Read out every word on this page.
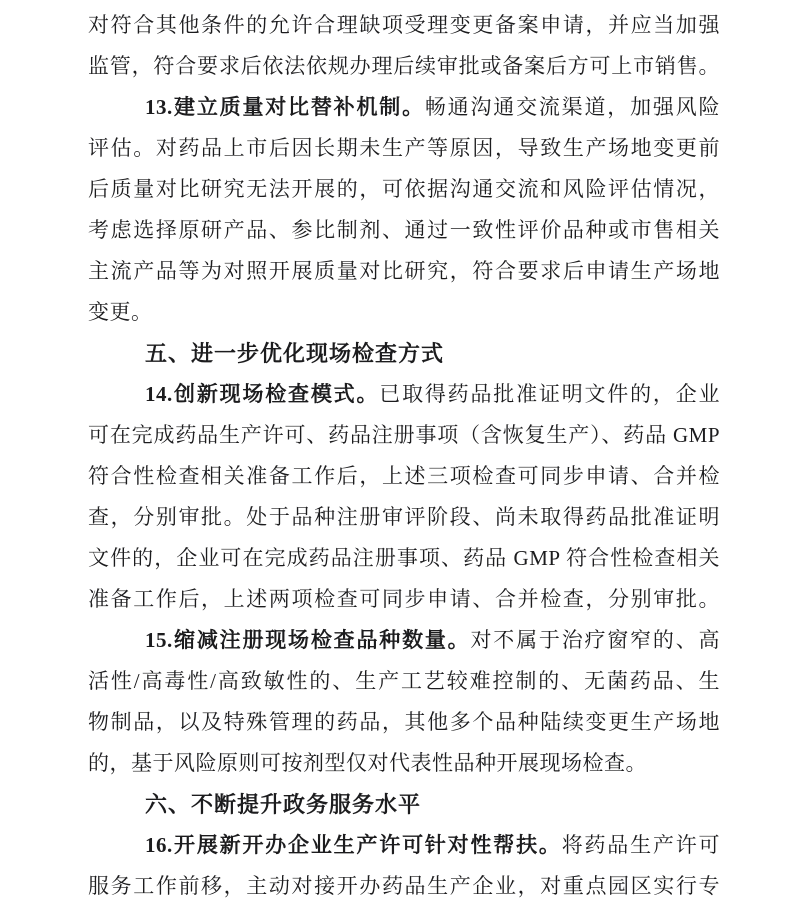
对符合其他条件的允许合理缺项受理变更备案申请，并应当加强
监管，符合要求后依法依规办理后续审批或备案后方可上市销售。
13.建立质量对比替补机制。畅通沟通交流渠道，加强风险
评估。对药品上市后因长期未生产等原因，导致生产场地变更前
后质量对比研究无法开展的，可依据沟通交流和风险评估情况，
考虑选择原研产品、参比制剂、通过一致性评价品种或市售相关
主流产品等为对照开展质量对比研究，符合要求后申请生产场地
变更。
五、进一步优化现场检查方式
14.创新现场检查模式。已取得药品批准证明文件的，企业
可在完成药品生产许可、药品注册事项（含恢复生产）、药品 GMP
符合性检查相关准备工作后，上述三项检查可同步申请、合并检
查，分别审批。处于品种注册审评阶段、尚未取得药品批准证明
文件的，企业可在完成药品注册事项、药品 GMP 符合性检查相关
准备工作后，上述两项检查可同步申请、合并检查，分别审批。
15.缩减注册现场检查品种数量。对不属于治疗窗窄的、高
活性/高毒性/高致敏性的、生产工艺较难控制的、无菌药品、生
物制品，以及特殊管理的药品，其他多个品种陆续变更生产场地
的，基于风险原则可按剂型仅对代表性品种开展现场检查。
六、不断提升政务服务水平
16.开展新开办企业生产许可针对性帮扶。将药品生产许可
服务工作前移，主动对接开办药品生产企业，对重点园区实行专
